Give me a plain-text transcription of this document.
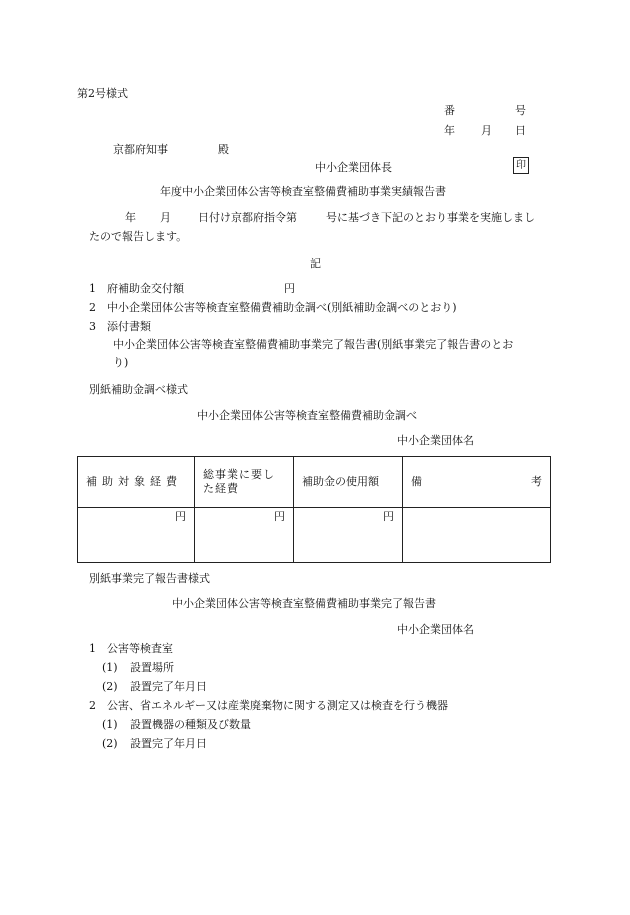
第2号様式
番	号
年 月 日
京都府知事	殿
中小企業団体長	印
年度中小企業団体公害等検査室整備費補助事業実績報告書
年 月 日付け京都府指令第	号に基づき下記のとおり事業を実施しまし
たので報告します。
記
1 府補助金交付額	円
2 中小企業団体公害等検査室整備費補助金調べ(別紙補助金調べのとおり)
3 添付書類
中小企業団体公害等検査室整備費補助事業完了報告書(別紙事業完了報告書のとお
り)
別紙補助金調べ様式
中小企業団体公害等検査室整備費補助金調べ
中小企業団体名
補助対象経費	総事業に要した経費	補助金の使用額	備 考

円	円	円	
別紙事業完了報告書様式
中小企業団体公害等検査室整備費補助事業完了報告書
中小企業団体名
1 公害等検査室
(1) 設置場所
(2) 設置完了年月日
2 公害、省エネルギー又は産業廃棄物に関する測定又は検査を行う機器
(1) 設置機器の種類及び数量
(2) 設置完了年月日
